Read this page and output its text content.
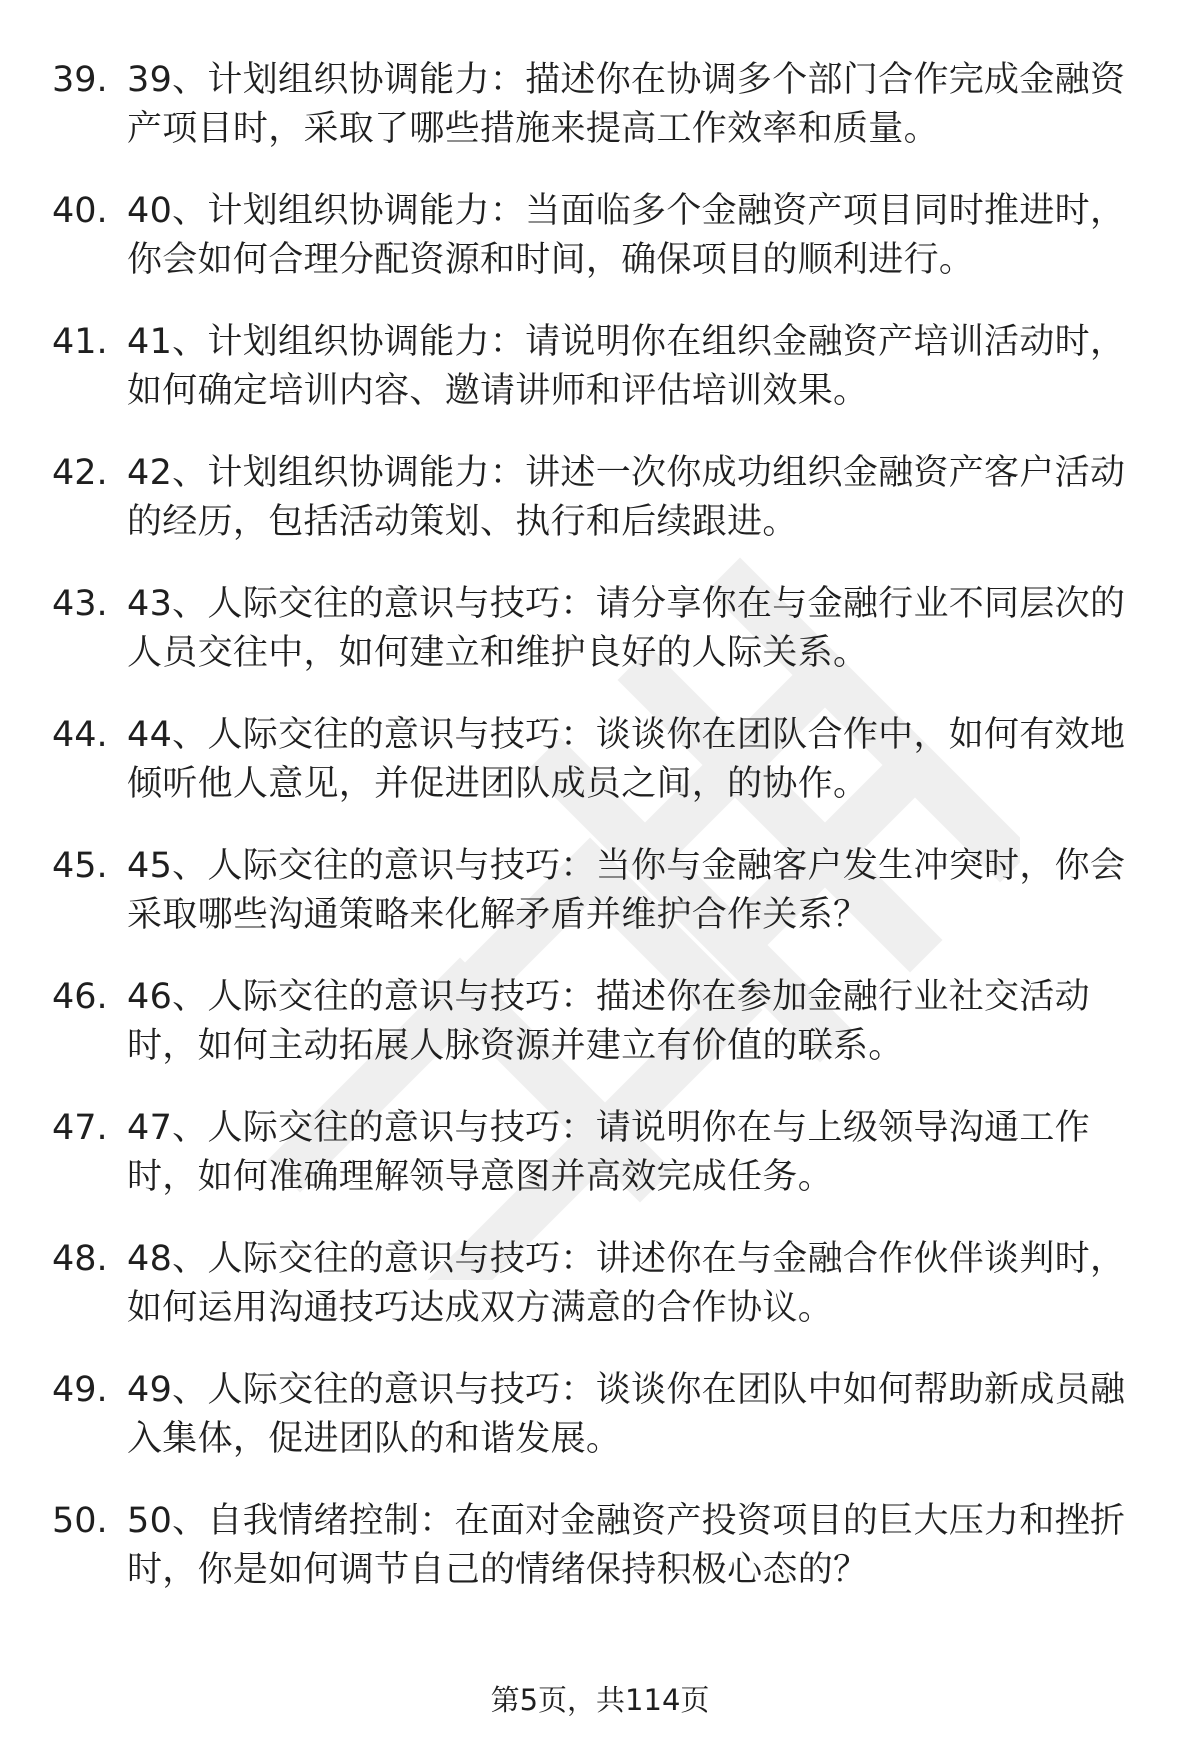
39. 39、计划组织协调能力：描述你在协调多个部门合作完成金融资产项目时，采取了哪些措施来提高工作效率和质量。
40. 40、计划组织协调能力：当面临多个金融资产项目同时推进时，你会如何合理分配资源和时间，确保项目的顺利进行。
41. 41、计划组织协调能力：请说明你在组织金融资产培训活动时，如何确定培训内容、邀请讲师和评估培训效果。
42. 42、计划组织协调能力：讲述一次你成功组织金融资产客户活动的经历，包括活动策划、执行和后续跟进。
43. 43、人际交往的意识与技巧：请分享你在与金融行业不同层次的人员交往中，如何建立和维护良好的人际关系。
44. 44、人际交往的意识与技巧：谈谈你在团队合作中，如何有效地倾听他人意见，并促进团队成员之间，的协作。
45. 45、人际交往的意识与技巧：当你与金融客户发生冲突时，你会采取哪些沟通策略来化解矛盾并维护合作关系？
46. 46、人际交往的意识与技巧：描述你在参加金融行业社交活动时，如何主动拓展人脉资源并建立有价值的联系。
47. 47、人际交往的意识与技巧：请说明你在与上级领导沟通工作时，如何准确理解领导意图并高效完成任务。
48. 48、人际交往的意识与技巧：讲述你在与金融合作伙伴谈判时，如何运用沟通技巧达成双方满意的合作协议。
49. 49、人际交往的意识与技巧：谈谈你在团队中如何帮助新成员融入集体，促进团队的和谐发展。
50. 50、自我情绪控制：在面对金融资产投资项目的巨大压力和挫折时，你是如何调节自己的情绪保持积极心态的？
第5页，共114页
